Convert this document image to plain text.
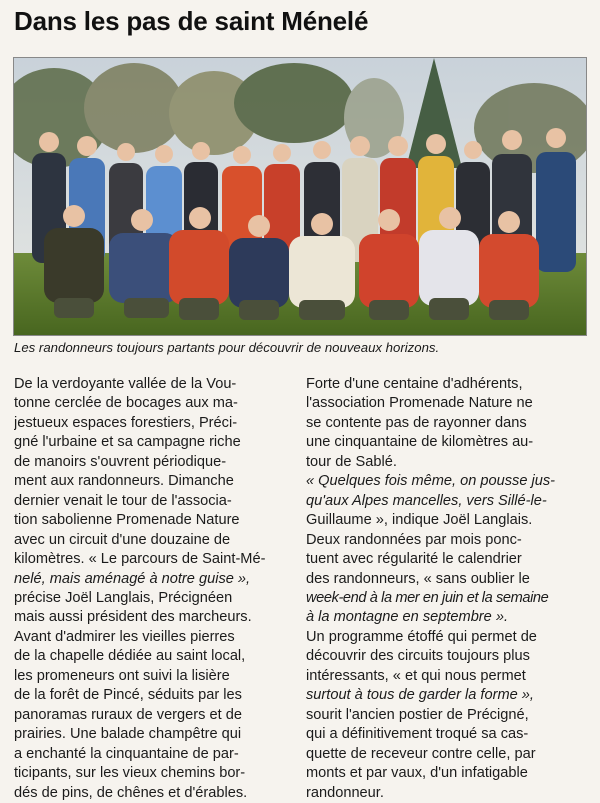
Dans les pas de saint Ménelé
Les randonneurs toujours partants pour découvrir de nouveaux horizons.
De la verdoyante vallée de la Vou-
tonne cerclée de bocages aux ma-
jestueux espaces forestiers, Préci-
gné l'urbaine et sa campagne riche
de manoirs s'ouvrent périodique-
ment aux randonneurs. Dimanche
dernier venait le tour de l'associa-
tion sabolienne Promenade Nature
avec un circuit d'une douzaine de
kilomètres. « Le parcours de Saint-Mé-
nelé, mais aménagé à notre guise »,
précise Joël Langlais, Précignéen
mais aussi président des marcheurs.
Avant d'admirer les vieilles pierres
de la chapelle dédiée au saint local,
les promeneurs ont suivi la lisière
de la forêt de Pincé, séduits par les
panoramas ruraux de vergers et de
prairies. Une balade champêtre qui
a enchanté la cinquantaine de par-
ticipants, sur les vieux chemins bor-
dés de pins, de chênes et d'érables.
Forte d'une centaine d'adhérents,
l'association Promenade Nature ne
se contente pas de rayonner dans
une cinquantaine de kilomètres au-
tour de Sablé.
« Quelques fois même, on pousse jus-
qu'aux Alpes mancelles, vers Sillé-le-
Guillaume », indique Joël Langlais.
Deux randonnées par mois ponc-
tuent avec régularité le calendrier
des randonneurs, « sans oublier le
week-end à la mer en juin et la semaine
à la montagne en septembre ».
Un programme étoffé qui permet de
découvrir des circuits toujours plus
intéressants, « et qui nous permet
surtout à tous de garder la forme »,
sourit l'ancien postier de Précigné,
qui a définitivement troqué sa cas-
quette de receveur contre celle, par
monts et par vaux, d'un infatigable
randonneur.
